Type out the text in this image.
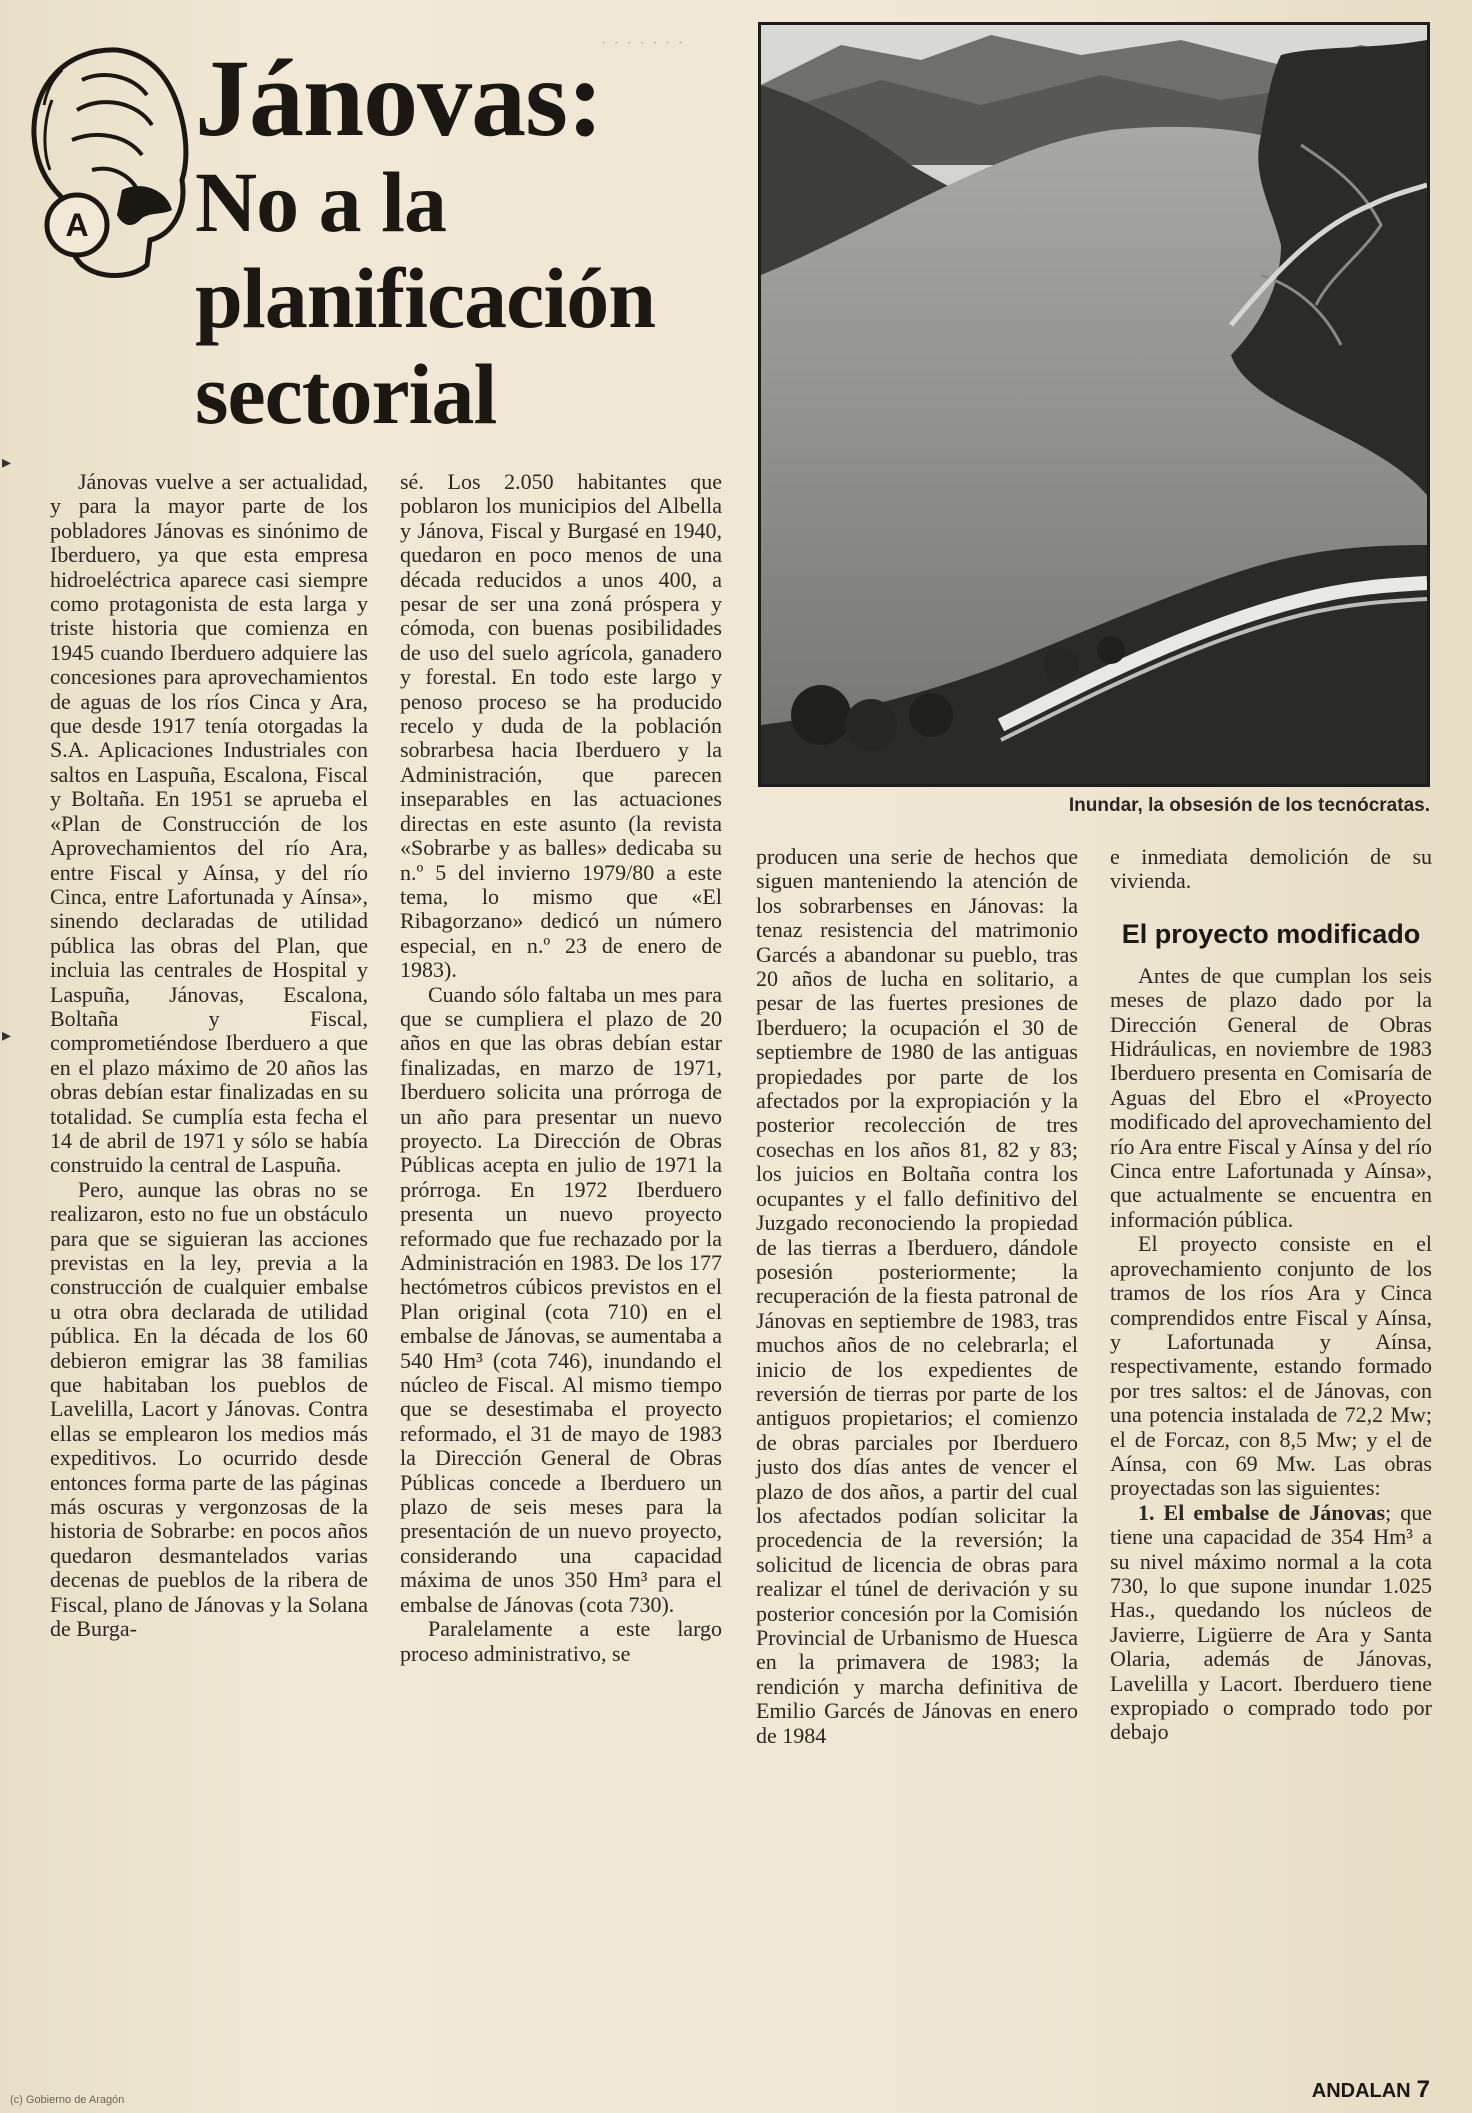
· · · · · · ·
A
Jánovas:
No a la
planificación
sectorial
Inundar, la obsesión de los tecnócratas.

Jánovas vuelve a ser actualidad, y para la mayor parte de los pobladores Jánovas es sinónimo de Iberduero, ya que esta empresa hidroeléctrica aparece casi siempre como protagonista de esta larga y triste historia que comienza en 1945 cuando Iberduero adquiere las concesiones para aprovechamientos de aguas de los ríos Cinca y Ara, que desde 1917 tenía otorgadas la S.A. Aplicaciones Industriales con saltos en Laspuña, Escalona, Fiscal y Boltaña. En 1951 se aprueba el «Plan de Construcción de los Aprovechamientos del río Ara, entre Fiscal y Aínsa, y del río Cinca, entre Lafortunada y Aínsa», sinendo declaradas de utilidad pública las obras del Plan, que incluia las centrales de Hospital y Laspuña, Jánovas, Escalona, Boltaña y Fiscal, comprometiéndose Iberduero a que en el plazo máximo de 20 años las obras debían estar finalizadas en su totalidad. Se cumplía esta fecha el 14 de abril de 1971 y sólo se había construido la central de Laspuña.

Pero, aunque las obras no se realizaron, esto no fue un obstáculo para que se siguieran las acciones previstas en la ley, previa a la construcción de cualquier embalse u otra obra declarada de utilidad pública. En la década de los 60 debieron emigrar las 38 familias que habitaban los pueblos de Lavelilla, Lacort y Jánovas. Contra ellas se emplearon los medios más expeditivos. Lo ocurrido desde entonces forma parte de las páginas más oscuras y vergonzosas de la historia de Sobrarbe: en pocos años quedaron desmantelados varias decenas de pueblos de la ribera de Fiscal, plano de Jánovas y la Solana de Burga-

sé. Los 2.050 habitantes que poblaron los municipios del Albella y Jánova, Fiscal y Burgasé en 1940, quedaron en poco menos de una década reducidos a unos 400, a pesar de ser una zoná próspera y cómoda, con buenas posibilidades de uso del suelo agrícola, ganadero y forestal. En todo este largo y penoso proceso se ha producido recelo y duda de la población sobrarbesa hacia Iberduero y la Administración, que parecen inseparables en las actuaciones directas en este asunto (la revista «Sobrarbe y as balles» dedicaba su n.º 5 del invierno 1979/80 a este tema, lo mismo que «El Ribagorzano» dedicó un número especial, en n.º 23 de enero de 1983).

Cuando sólo faltaba un mes para que se cumpliera el plazo de 20 años en que las obras debían estar finalizadas, en marzo de 1971, Iberduero solicita una prórroga de un año para presentar un nuevo proyecto. La Dirección de Obras Públicas acepta en julio de 1971 la prórroga. En 1972 Iberduero presenta un nuevo proyecto reformado que fue rechazado por la Administración en 1983. De los 177 hectómetros cúbicos previstos en el Plan original (cota 710) en el embalse de Jánovas, se aumentaba a 540 Hm³ (cota 746), inundando el núcleo de Fiscal. Al mismo tiempo que se desestimaba el proyecto reformado, el 31 de mayo de 1983 la Dirección General de Obras Públicas concede a Iberduero un plazo de seis meses para la presentación de un nuevo proyecto, considerando una capacidad máxima de unos 350 Hm³ para el embalse de Jánovas (cota 730).

Paralelamente a este largo proceso administrativo, se

producen una serie de hechos que siguen manteniendo la atención de los sobrarbenses en Jánovas: la tenaz resistencia del matrimonio Garcés a abandonar su pueblo, tras 20 años de lucha en solitario, a pesar de las fuertes presiones de Iberduero; la ocupación el 30 de septiembre de 1980 de las antiguas propiedades por parte de los afectados por la expropiación y la posterior recolección de tres cosechas en los años 81, 82 y 83; los juicios en Boltaña contra los ocupantes y el fallo definitivo del Juzgado reconociendo la propiedad de las tierras a Iberduero, dándole posesión posteriormente; la recuperación de la fiesta patronal de Jánovas en septiembre de 1983, tras muchos años de no celebrarla; el inicio de los expedientes de reversión de tierras por parte de los antiguos propietarios; el comienzo de obras parciales por Iberduero justo dos días antes de vencer el plazo de dos años, a partir del cual los afectados podían solicitar la procedencia de la reversión; la solicitud de licencia de obras para realizar el túnel de derivación y su posterior concesión por la Comisión Provincial de Urbanismo de Huesca en la primavera de 1983; la rendición y marcha definitiva de Emilio Garcés de Jánovas en enero de 1984

e inmediata demolición de su vivienda.

El proyecto modificado

Antes de que cumplan los seis meses de plazo dado por la Dirección General de Obras Hidráulicas, en noviembre de 1983 Iberduero presenta en Comisaría de Aguas del Ebro el «Proyecto modificado del aprovechamiento del río Ara entre Fiscal y Aínsa y del río Cinca entre Lafortunada y Aínsa», que actualmente se encuentra en información pública.

El proyecto consiste en el aprovechamiento conjunto de los tramos de los ríos Ara y Cinca comprendidos entre Fiscal y Aínsa, y Lafortunada y Aínsa, respectivamente, estando formado por tres saltos: el de Jánovas, con una potencia instalada de 72,2 Mw; el de Forcaz, con 8,5 Mw; y el de Aínsa, con 69 Mw. Las obras proyectadas son las siguientes:

1. El embalse de Jánovas; que tiene una capacidad de 354 Hm³ a su nivel máximo normal a la cota 730, lo que supone inundar 1.025 Has., quedando los núcleos de Javierre, Ligüerre de Ara y Santa Olaria, además de Jánovas, Lavelilla y Lacort. Iberduero tiene expropiado o comprado todo por debajo

ANDALAN 7
(c) Gobierno de Aragón
▸
▸
